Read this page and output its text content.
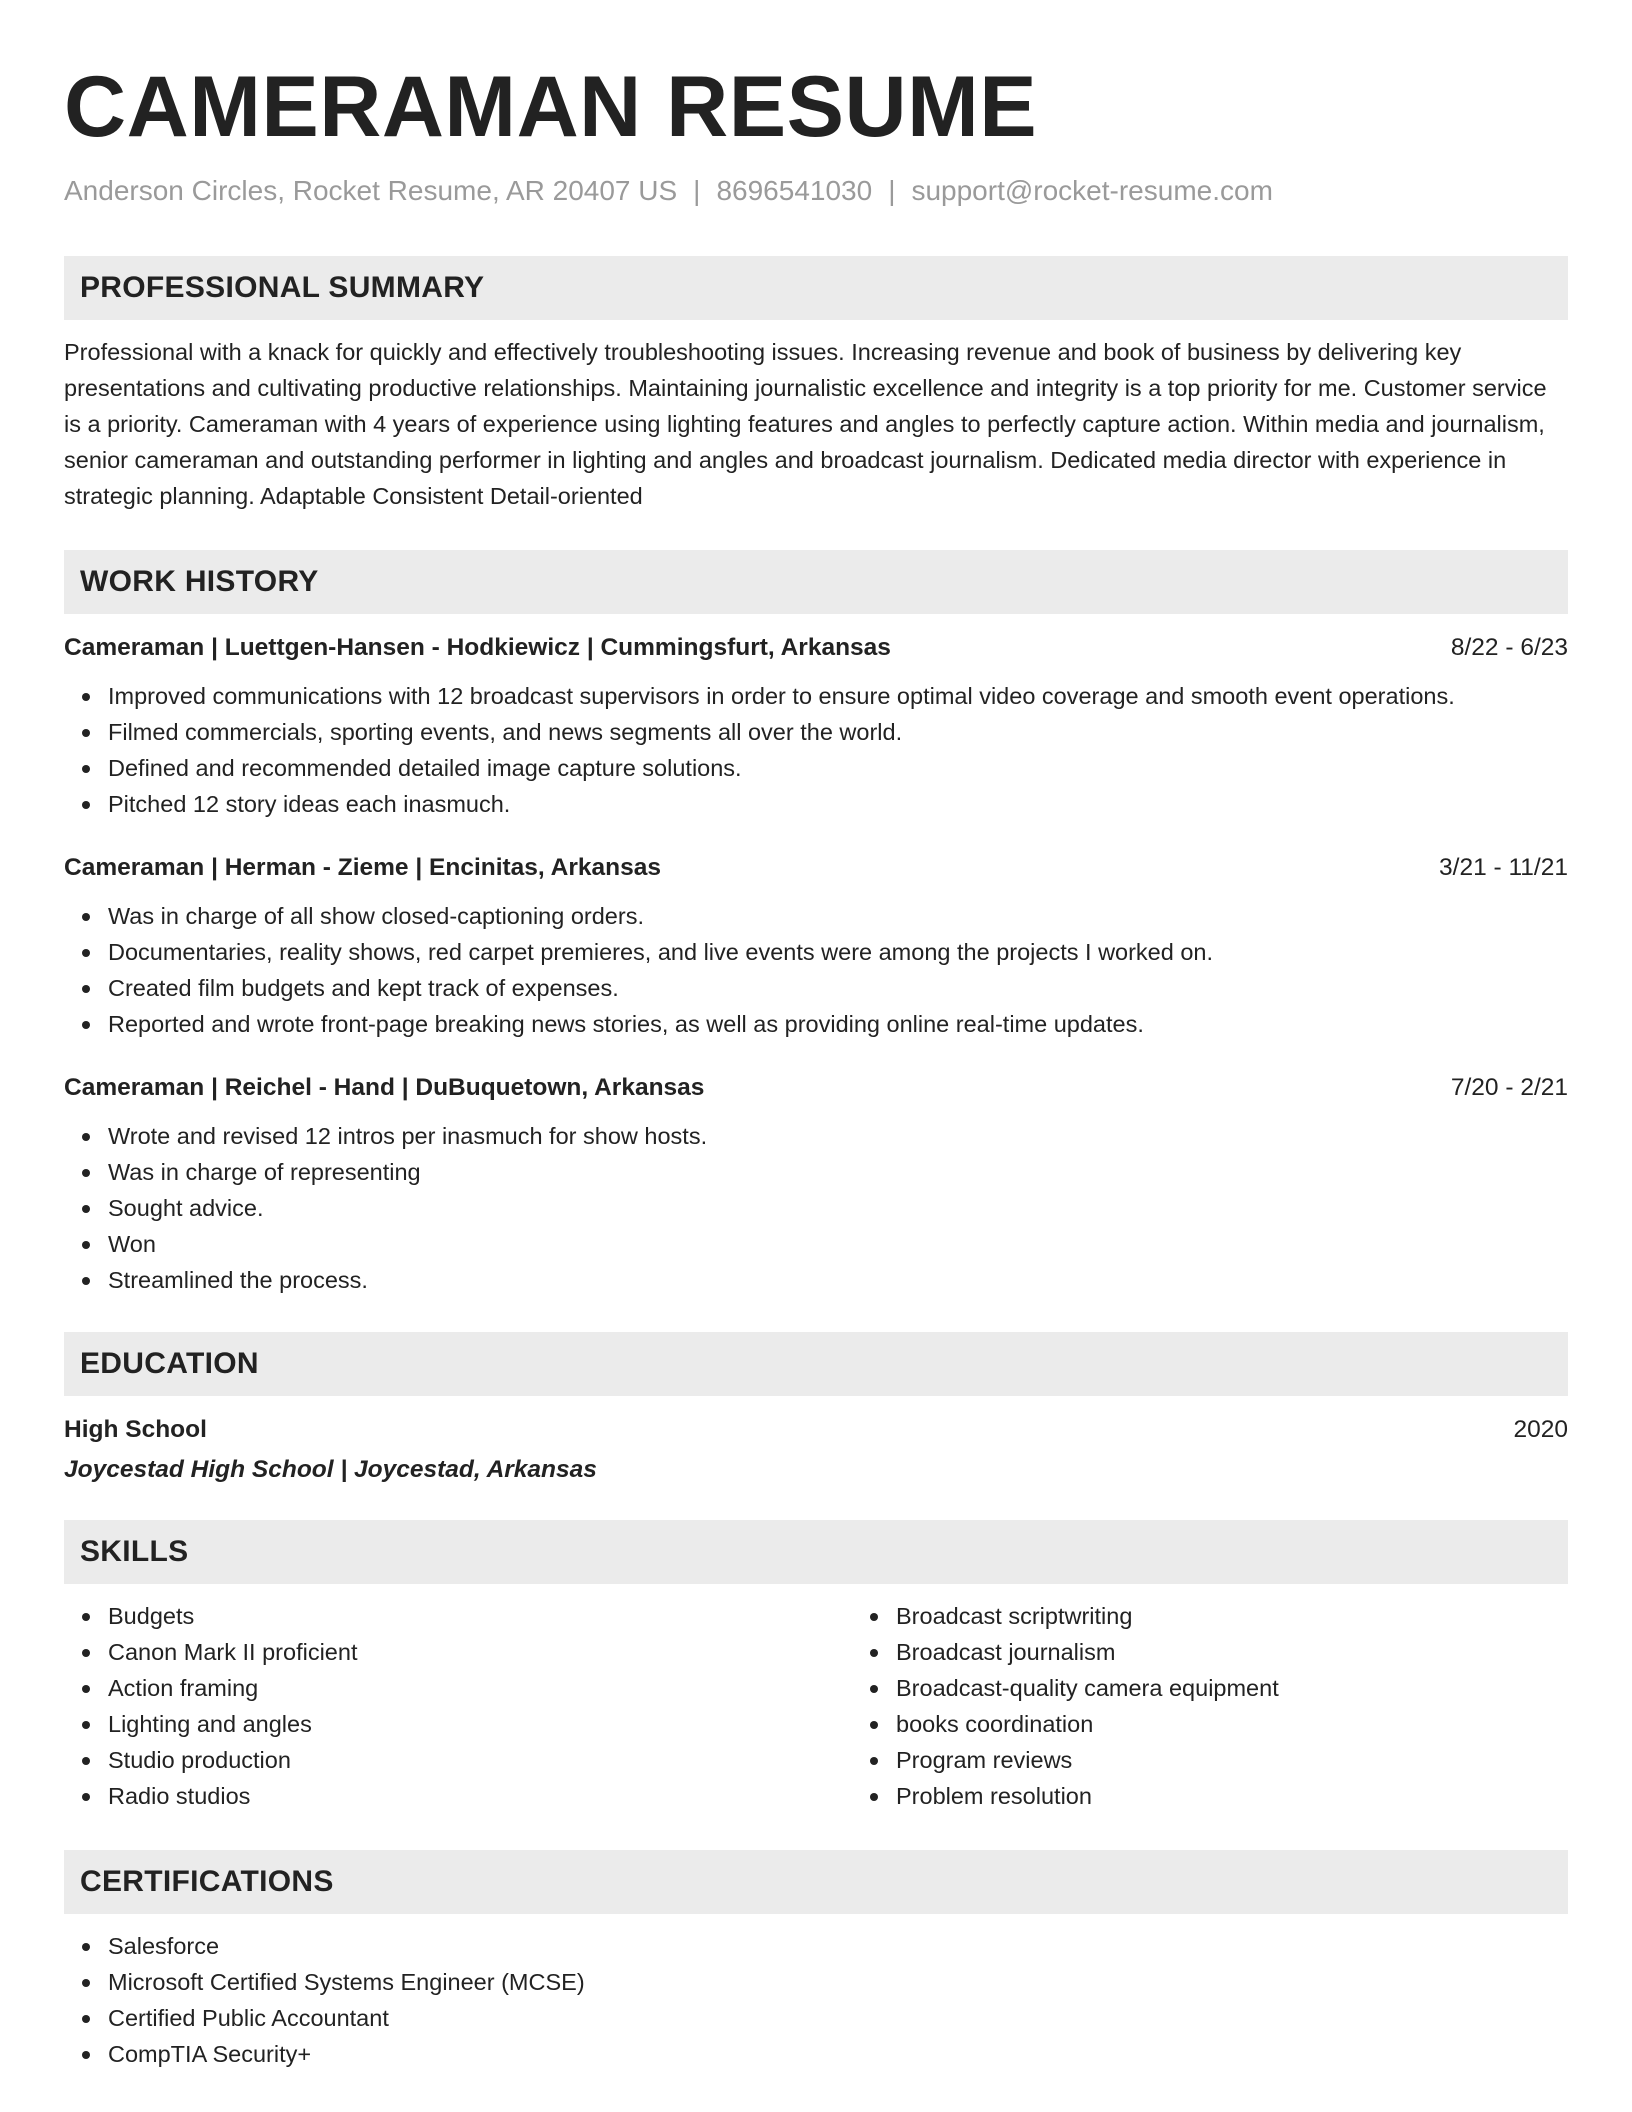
CAMERAMAN RESUME
Anderson Circles, Rocket Resume, AR 20407 US | 8696541030 | support@rocket-resume.com
PROFESSIONAL SUMMARY
Professional with a knack for quickly and effectively troubleshooting issues. Increasing revenue and book of business by delivering key presentations and cultivating productive relationships. Maintaining journalistic excellence and integrity is a top priority for me. Customer service is a priority. Cameraman with 4 years of experience using lighting features and angles to perfectly capture action. Within media and journalism, senior cameraman and outstanding performer in lighting and angles and broadcast journalism. Dedicated media director with experience in strategic planning. Adaptable Consistent Detail-oriented
WORK HISTORY
Cameraman | Luettgen-Hansen - Hodkiewicz | Cummingsfurt, Arkansas	8/22 - 6/23
Improved communications with 12 broadcast supervisors in order to ensure optimal video coverage and smooth event operations.
Filmed commercials, sporting events, and news segments all over the world.
Defined and recommended detailed image capture solutions.
Pitched 12 story ideas each inasmuch.
Cameraman | Herman - Zieme | Encinitas, Arkansas	3/21 - 11/21
Was in charge of all show closed-captioning orders.
Documentaries, reality shows, red carpet premieres, and live events were among the projects I worked on.
Created film budgets and kept track of expenses.
Reported and wrote front-page breaking news stories, as well as providing online real-time updates.
Cameraman | Reichel - Hand | DuBuquetown, Arkansas	7/20 - 2/21
Wrote and revised 12 intros per inasmuch for show hosts.
Was in charge of representing
Sought advice.
Won
Streamlined the process.
EDUCATION
High School	2020
Joycestad High School | Joycestad, Arkansas
SKILLS
Budgets
Canon Mark II proficient
Action framing
Lighting and angles
Studio production
Radio studios
Broadcast scriptwriting
Broadcast journalism
Broadcast-quality camera equipment
books coordination
Program reviews
Problem resolution
CERTIFICATIONS
Salesforce
Microsoft Certified Systems Engineer (MCSE)
Certified Public Accountant
CompTIA Security+
